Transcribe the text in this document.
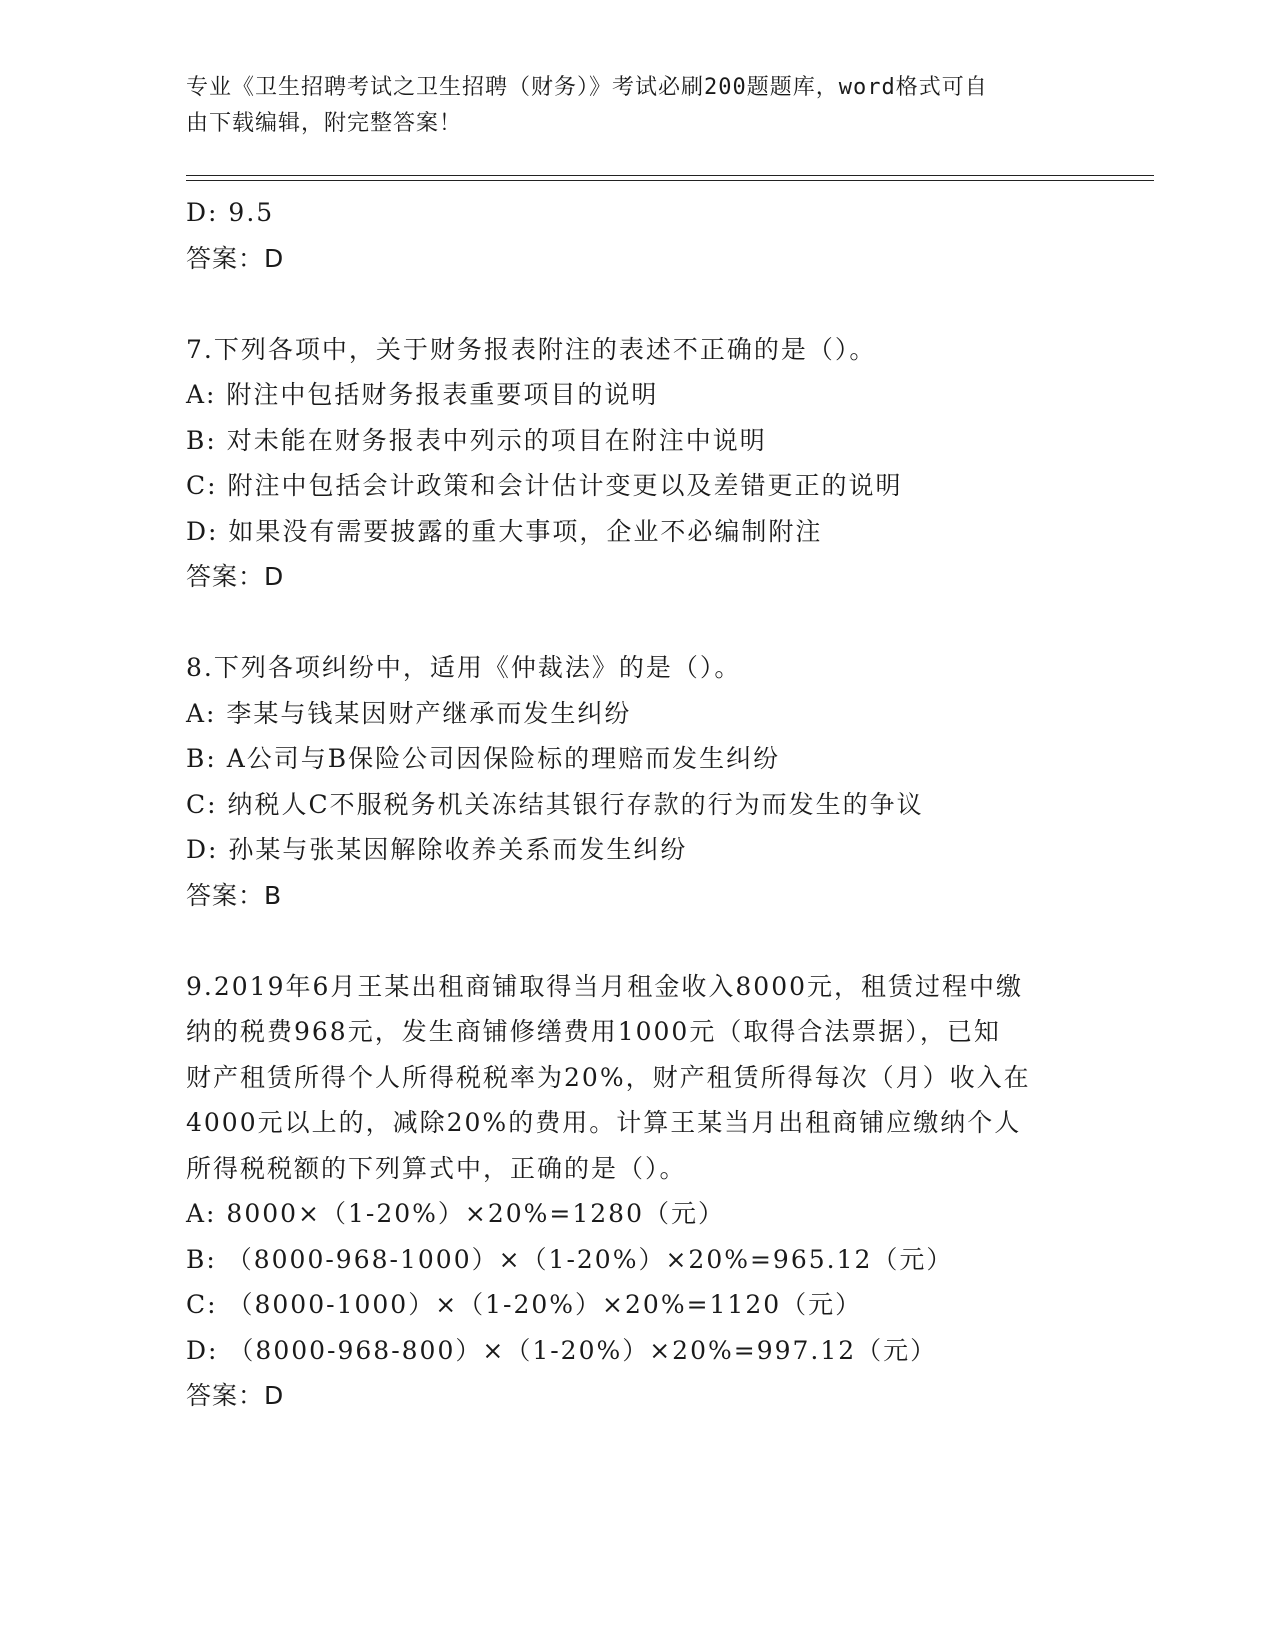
专业《卫生招聘考试之卫生招聘（财务）》考试必刷200题题库，word格式可自
由下载编辑，附完整答案！
D: 9.5
答案：D
7.下列各项中，关于财务报表附注的表述不正确的是（）。
A: 附注中包括财务报表重要项目的说明
B: 对未能在财务报表中列示的项目在附注中说明
C: 附注中包括会计政策和会计估计变更以及差错更正的说明
D: 如果没有需要披露的重大事项，企业不必编制附注
答案：D
8.下列各项纠纷中，适用《仲裁法》的是（）。
A: 李某与钱某因财产继承而发生纠纷
B: A公司与B保险公司因保险标的理赔而发生纠纷
C: 纳税人C不服税务机关冻结其银行存款的行为而发生的争议
D: 孙某与张某因解除收养关系而发生纠纷
答案：B
9.2019年6月王某出租商铺取得当月租金收入8000元，租赁过程中缴
纳的税费968元，发生商铺修缮费用1000元（取得合法票据），已知
财产租赁所得个人所得税税率为20%，财产租赁所得每次（月）收入在
4000元以上的，减除20%的费用。计算王某当月出租商铺应缴纳个人
所得税税额的下列算式中，正确的是（）。
A: 8000×（1-20%）×20%=1280（元）
B: （8000-968-1000）×（1-20%）×20%=965.12（元）
C: （8000-1000）×（1-20%）×20%=1120（元）
D: （8000-968-800）×（1-20%）×20%=997.12（元）
答案：D
